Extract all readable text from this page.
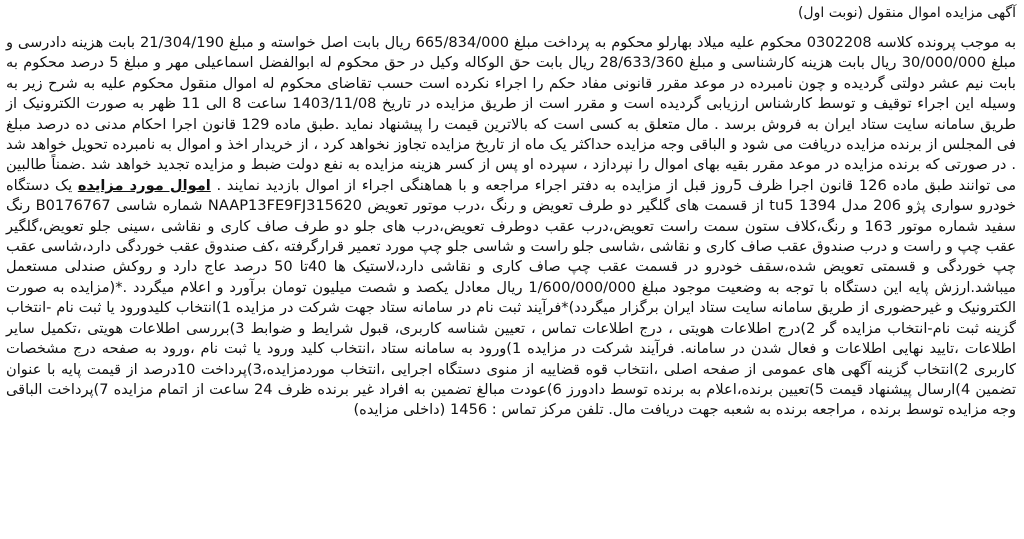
آگهی مزایده اموال منقول (نوبت اول)

به موجب پرونده کلاسه 0302208 محکوم علیه میلاد بهارلو محکوم به پرداخت مبلغ 665/834/000 ریال بابت اصل خواسته و مبلغ 21/304/190 بابت هزینه دادرسی و مبلغ 30/000/000 ریال بابت هزینه کارشناسی و مبلغ 28/633/360 ریال بابت حق الوکاله وکیل در حق محکوم له ابوالفضل اسماعیلی مهر و مبلغ 5 درصد محکوم به بابت نیم عشر دولتی گردیده و چون نامبرده در موعد مقرر قانونی مفاد حکم را اجراء نکرده است حسب تقاضای محکوم له اموال منقول محکوم علیه به شرح زیر به وسیله این اجراء توقیف و توسط کارشناس ارزیابی گردیده است و مقرر است از طریق مزایده در تاریخ 1403/11/08 ساعت 8 الی 11 ظهر به صورت الکترونیک از طریق سامانه سایت ستاد ایران به فروش برسد . مال متعلق به کسی است که بالاترین قیمت را پیشنهاد نماید .طبق ماده 129 قانون اجرا احکام مدنی ده درصد مبلغ فی المجلس از برنده مزایده دریافت می شود و الباقی وجه مزایده حداکثر یک ماه از تاریخ مزایده تجاوز نخواهد کرد ، از خریدار اخذ و اموال به نامبرده تحویل خواهد شد . در صورتی که برنده مزایده در موعد مقرر بقیه بهای اموال را نپردازد ، سپرده او پس از کسر هزینه مزایده به نفع دولت ضبط و مزایده تجدید خواهد شد .ضمناً طالبین می توانند طبق ماده 126 قانون اجرا ظرف 5روز قبل از مزایده به دفتر اجراء مراجعه و با هماهنگی اجراء از اموال بازدید نمایند . اموال مورد مزایده یک دستگاه خودرو سواری پژو 206 مدل 1394 tu5 از قسمت های گلگیر دو طرف تعویض و رنگ ،درب موتور تعویض NAAP13FE9FJ315620 شماره شاسی B0176767 رنگ سفید شماره موتور 163 و رنگ،کلاف ستون سمت راست تعویض،درب عقب دوطرف تعویض،درب های جلو دو طرف صاف کاری و نقاشی ،سینی جلو تعویض،گلگیر عقب چپ و راست و درب صندوق عقب صاف کاری و نقاشی ،شاسی جلو راست و شاسی جلو چپ مورد تعمیر قرارگرفته ،کف صندوق عقب خوردگی دارد،شاسی عقب چپ خوردگی و قسمتی تعویض شده،سقف خودرو در قسمت عقب چپ صاف کاری و نقاشی دارد،لاستیک ها 40تا 50 درصد عاج دارد و روکش صندلی مستعمل میباشد.ارزش پایه این دستگاه با توجه به وضعیت موجود مبلغ 1/600/000/000 ریال معادل یکصد و شصت میلیون تومان برآورد و اعلام میگردد .*(مزایده به صورت الکترونیک و غیرحضوری از طریق سامانه سایت ستاد ایران برگزار میگردد)*فرآیند ثبت نام در سامانه ستاد جهت شرکت در مزایده 1)انتخاب کلیدورود یا ثبت نام -انتخاب گزینه ثبت نام-انتخاب مزایده گر 2)درج اطلاعات هویتی ، درج اطلاعات تماس ، تعیین شناسه کاربری، قبول شرایط و ضوابط 3)بررسی اطلاعات هویتی ،تکمیل سایر اطلاعات ،تایید نهایی اطلاعات و فعال شدن در سامانه. فرآیند شرکت در مزایده 1)ورود به سامانه ستاد ،انتخاب کلید ورود یا ثبت نام ،ورود به صفحه درج مشخصات کاربری 2)انتخاب گزینه آگهی های عمومی از صفحه اصلی ،انتخاب قوه قضاییه از منوی دستگاه اجرایی ،انتخاب موردمزایده،3)پرداخت 10درصد از قیمت پایه با عنوان تضمین 4)ارسال پیشنهاد قیمت 5)تعیین برنده،اعلام به برنده توسط دادورز 6)عودت مبالغ تضمین به افراد غیر برنده ظرف 24 ساعت از اتمام مزایده 7)پرداخت الباقی وجه مزایده توسط برنده ، مراجعه برنده به شعبه جهت دریافت مال. تلفن مرکز تماس : 1456 (داخلی مزایده)
